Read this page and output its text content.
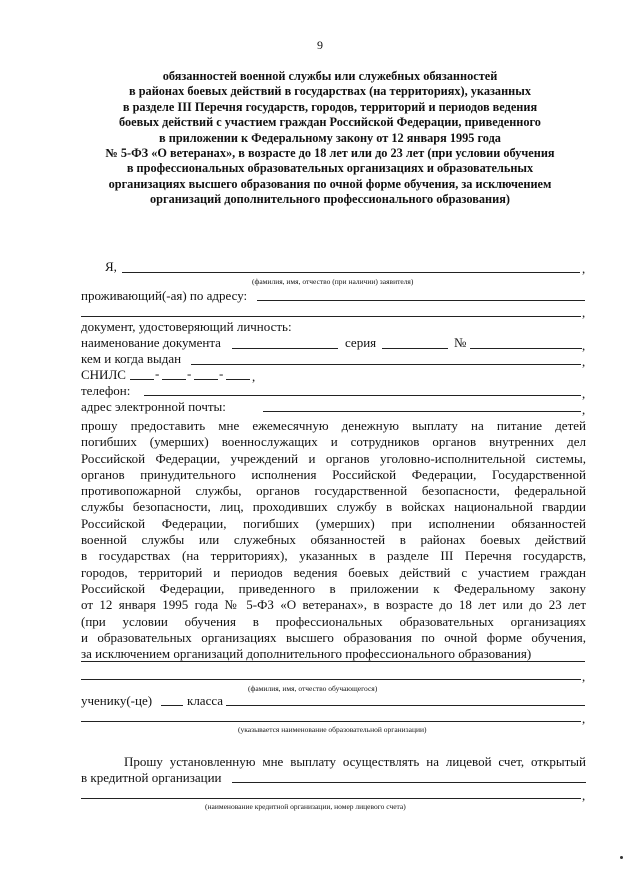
9
обязанностей военной службы или служебных обязанностей
в районах боевых действий в государствах (на территориях), указанных
в разделе III Перечня государств, городов, территорий и периодов ведения
боевых действий с участием граждан Российской Федерации, приведенного
в приложении к Федеральному закону от 12 января 1995 года
№ 5-ФЗ «О ветеранах», в возрасте до 18 лет или до 23 лет (при условии обучения
в профессиональных образовательных организациях и образовательных
организациях высшего образования по очной форме обучения, за исключением
организаций дополнительного профессионального образования)
Я,	,
(фамилия, имя, отчество (при наличии) заявителя)
проживающий(-ая) по адресу:
,
документ, удостоверяющий личность:
наименование документа	серия	№	,
кем и когда выдан	,
СНИЛС - - - ,
телефон:	,
адрес электронной почты:	,
прошу предоставить мне ежемесячную денежную выплату на питание детей
погибших (умерших) военнослужащих и сотрудников органов внутренних дел
Российской Федерации, учреждений и органов уголовно-исполнительной системы,
органов принудительного исполнения Российской Федерации, Государственной
противопожарной службы, органов государственной безопасности, федеральной
службы безопасности, лиц, проходивших службу в войсках национальной гвардии
Российской Федерации, погибших (умерших) при исполнении обязанностей
военной службы или служебных обязанностей в районах боевых действий
в государствах (на территориях), указанных в разделе III Перечня государств,
городов, территорий и периодов ведения боевых действий с участием граждан
Российской Федерации, приведенного в приложении к Федеральному закону
от 12 января 1995 года № 5-ФЗ «О ветеранах», в возрасте до 18 лет или до 23 лет
(при условии обучения в профессиональных образовательных организациях
и образовательных организациях высшего образования по очной форме обучения,
за исключением организаций дополнительного профессионального образования)
,
(фамилия, имя, отчество обучающегося)
ученику(-це)	класса
,
(указывается наименование образовательной организации)
Прошу установленную мне выплату осуществлять на лицевой счет, открытый
в кредитной организации
,
(наименование кредитной организации, номер лицевого счета)
